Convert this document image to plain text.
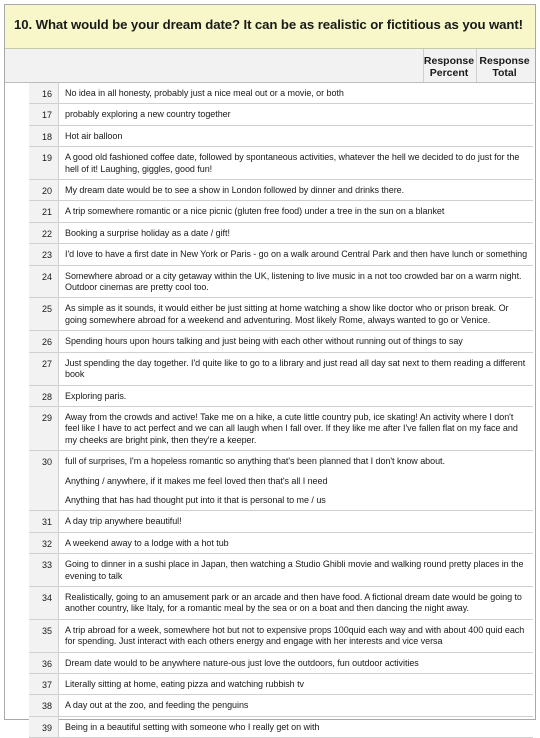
10. What would be your dream date? It can be as realistic or fictitious as you want!
Response
Percent
Response
Total
16	No idea in all honesty, probably just a nice meal out or a movie, or both

17	probably exploring a new country together

18	Hot air balloon

19	A good old fashioned coffee date, followed by spontaneous activities, whatever the hell we decided to do just for the hell of it! Laughing, giggles, good fun!

20	My dream date would be to see a show in London followed by dinner and drinks there.

21	A trip somewhere romantic or a nice picnic (gluten free food) under a tree in the sun on a blanket

22	Booking a surprise holiday as a date / gift!

23	I'd love to have a first date in New York or Paris - go on a walk around Central Park and then have lunch or something

24	Somewhere abroad or a city getaway within the UK, listening to live music in a not too crowded bar on a warm night. Outdoor cinemas are pretty cool too.

25	As simple as it sounds, it would either be just sitting at home watching a show like doctor who or prison break. Or going somewhere abroad for a weekend and adventuring. Most likely Rome, always wanted to go or Venice.

26	Spending hours upon hours talking and just being with each other without running out of things to say

27	Just spending the day together. I'd quite like to go to a library and just read all day sat next to them reading a different book

28	Exploring paris.

29	Away from the crowds and active! Take me on a hike, a cute little country pub, ice skating! An activity where I don't feel like I have to act perfect and we can all laugh when I fall over. If they like me after I've fallen flat on my face and my cheeks are bright pink, then they're a keeper.

30	full of surprises, I'm a hopeless romantic so anything that's been planned that I don't know about.

Anything / anywhere, if it makes me feel loved then that's all I need

Anything that has had thought put into it that is personal to me / us

31	A day trip anywhere beautiful!

32	A weekend away to a lodge with a hot tub

33	Going to dinner in a sushi place in Japan, then watching a Studio Ghibli movie and walking round pretty places in the evening to talk

34	Realistically, going to an amusement park or an arcade and then have food. A fictional dream date would be going to another country, like Italy, for a romantic meal by the sea or on a boat and then dancing the night away.

35	A trip abroad for a week, somewhere hot but not to expensive props 100quid each way and with about 400 quid each for spending. Just interact with each others energy and engage with her interests and vice versa

36	Dream date would to be anywhere nature-ous just love the outdoors, fun outdoor activities

37	Literally sitting at home, eating pizza and watching rubbish tv

38	A day out at the zoo, and feeding the penguins

39	Being in a beautiful setting with someone who I really get on with
